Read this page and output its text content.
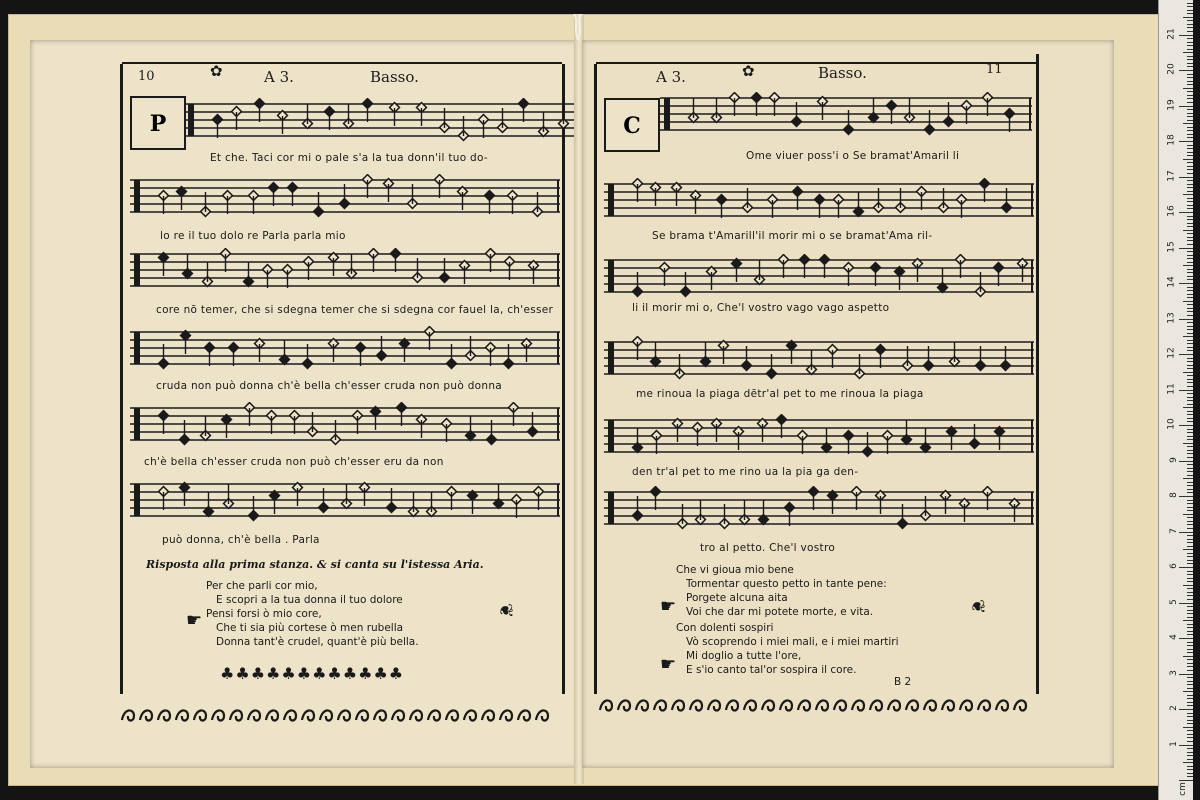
10	✿	A 3.	Basso.
P
Et che. Taci cor mi o pale s'a la tua donn'il tuo do-
lo re il tuo dolo re Parla parla mio
core nõ temer, che si sdegna temer che si sdegna cor fauel la, ch'esser
cruda non può donna ch'è bella ch'esser cruda non può donna
ch'è bella ch'esser cruda non può ch'esser eru da non
può donna, ch'è bella . Parla
Risposta alla prima stanza. & si canta su l'istessa Aria.
Per che parli cor mio,
E scopri a la tua donna il tuo dolore
Pensi forsi ò mio core,
Che ti sia più cortese ò men rubella
Donna tant'è crudel, quant'è più bella.
☛	❦
♣♣♣♣♣♣♣♣♣♣♣♣
A 3.	✿	Basso.	11
C
Ome viuer poss'i o Se bramat'Amaril li
Se brama t'Amarill'il morir mi o se bramat'Ama ril-
li il morir mi o, Che'l vostro vago vago aspetto
me rinoua la piaga dētr'al pet to me rinoua la piaga
den tr'al pet to me rino ua la pia ga den-
tro al petto. Che'l vostro
Che vi gioua mio bene
Tormentar questo petto in tante pene:
Porgete alcuna aita
Voi che dar mi potete morte, e vita.
Con dolenti sospiri
Vò scoprendo i miei mali, e i miei martiri
Mi doglio a tutte l'ore,
E s'io canto tal'or sospira il core.
☛
☛
❦
B 2
cm
1
2
3
4
5
6
7
8
9
10
11
12
13
14
15
16
17
18
19
20
21
